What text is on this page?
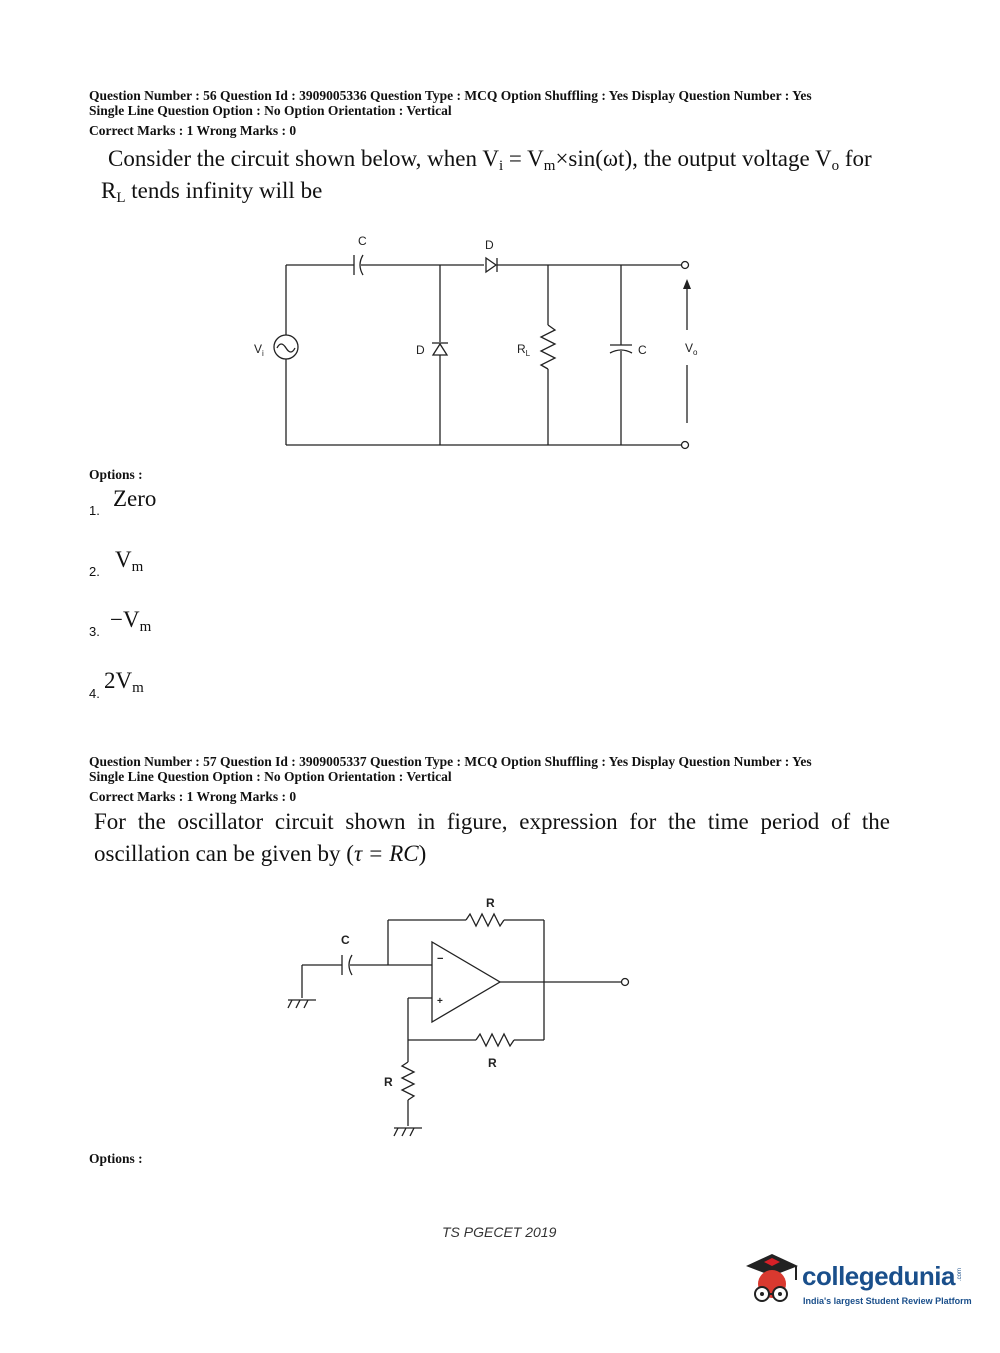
Question Number : 56 Question Id : 3909005336 Question Type : MCQ Option Shuffling : Yes Display Question Number : Yes
Single Line Question Option : No Option Orientation : Vertical
Correct Marks : 1 Wrong Marks : 0
Consider the circuit shown below, when $V_i = V_m\times\sin(\omega t)$, the output voltage $V_o$ for
$R_L$ tends infinity will be
C	D
$V_i$	D	$R_L$	C	$V_o$
Options :
1. Zero
2. $V_m$
3. $-V_m$
4.
$2V_m$
Question Number : 57 Question Id : 3909005337 Question Type : MCQ Option Shuffling : Yes Display Question Number : Yes
Single Line Question Option : No Option Orientation : Vertical
Correct Marks : 1 Wrong Marks : 0
For the oscillator circuit shown in figure, expression for the time period of the
oscillation can be given by (τ = RC)
R
C
−
+
R
R
Options :
TS PGECET 2019
collegedunia .com
India's largest Student Review Platform
